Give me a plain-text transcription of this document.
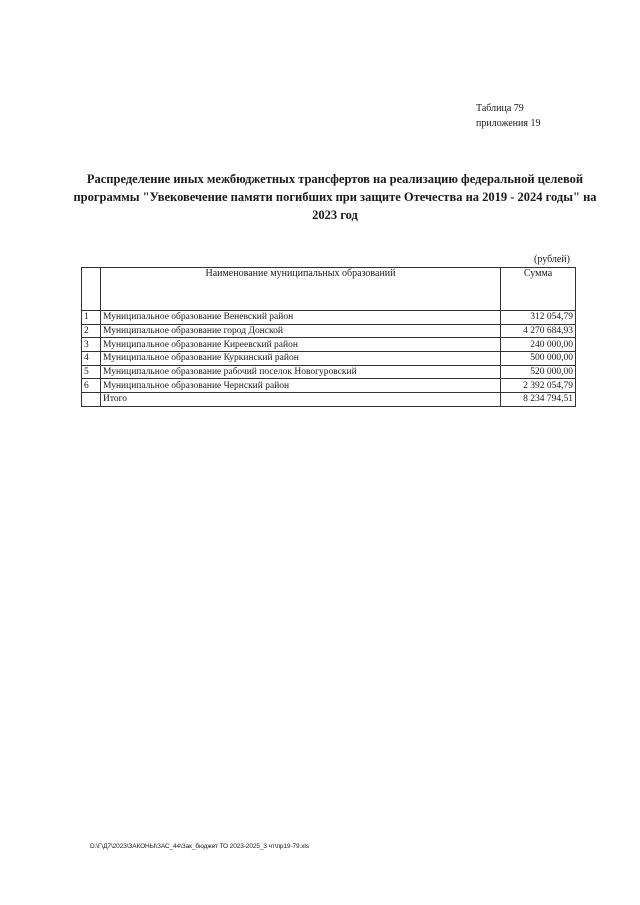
Таблица 79
приложения 19
Распределение иных межбюджетных трансфертов на реализацию федеральной целевой программы "Увековечение памяти погибших при защите Отечества на 2019 - 2024 годы" на 2023 год
(рублей)
	Наименование муниципальных образований	Сумма
1	Муниципальное образование Веневский район	312 054,79
2	Муниципальное образование город Донской	4 270 684,93
3	Муниципальное образование Киреевский район	240 000,00
4	Муниципальное образование Куркинский район	500 000,00
5	Муниципальное образование рабочий поселок Новогуровский	520 000,00
6	Муниципальное образование Чернский район	2 392 054,79
	Итого	8 234 794,51
D:\Г\Д7\2023\ЗАКОНЫ\ЗАС_44\Зак_бюджет ТО 2023-2025_3 чт\пр19-79.xls
